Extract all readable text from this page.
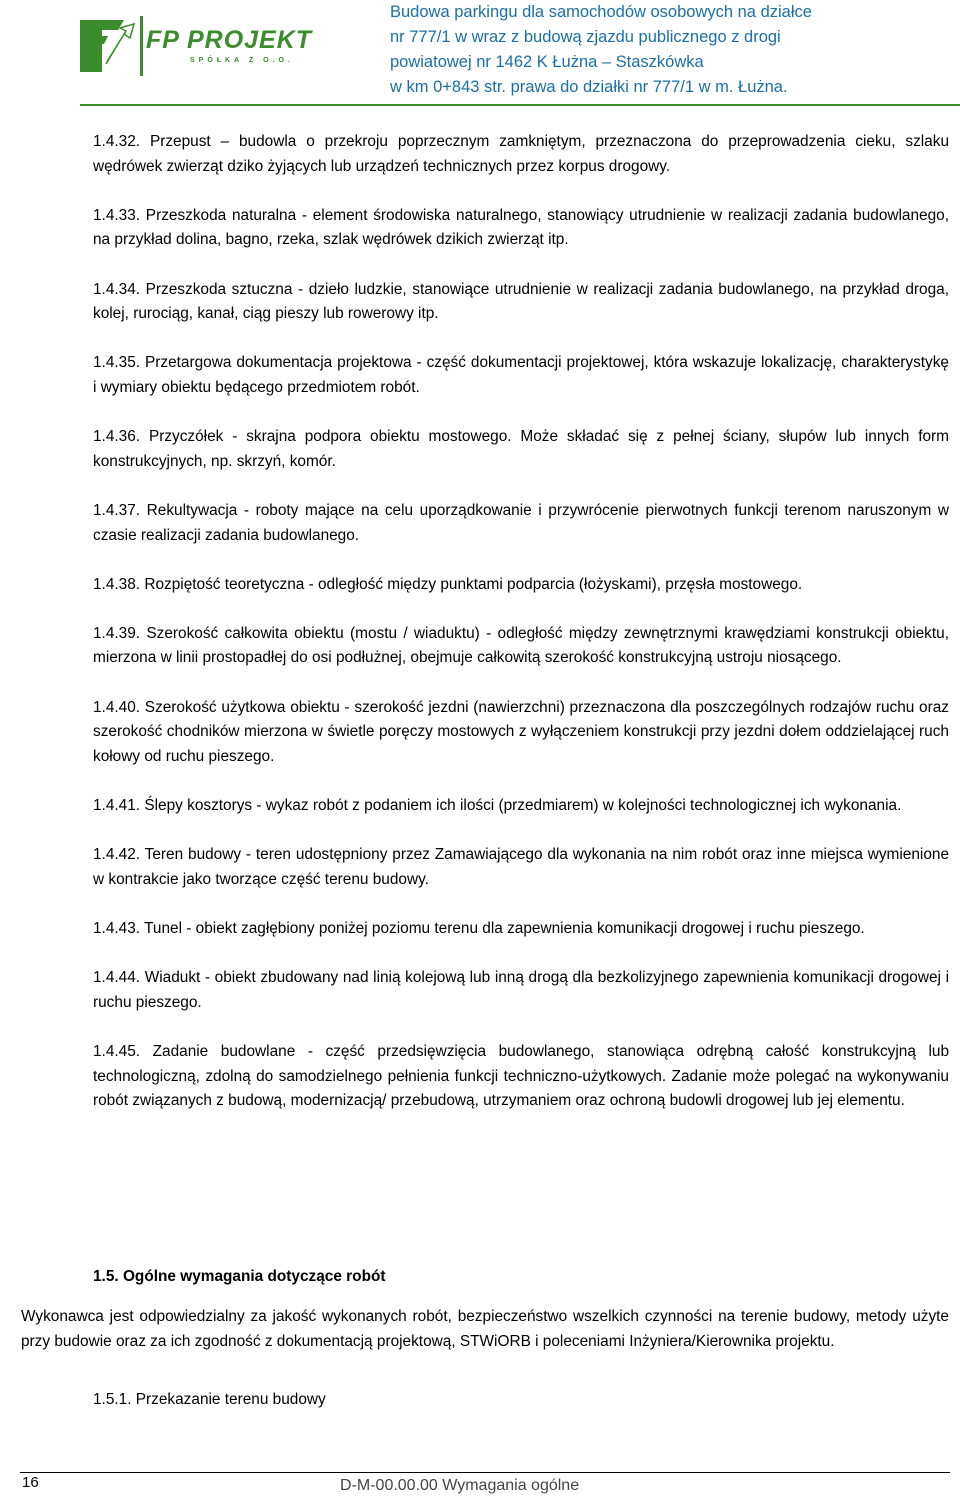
FP PROJEKT
SPÓŁKA Z O.O.
Budowa parkingu dla samochodów osobowych na działce
nr 777/1 w wraz z budową zjazdu publicznego z drogi
powiatowej nr 1462 K Łużna – Staszkówka
w km 0+843 str. prawa do działki nr 777/1 w m. Łużna.

1.4.32. Przepust – budowla o przekroju poprzecznym zamkniętym, przeznaczona do przeprowadzenia cieku, szlaku wędrówek zwierząt dziko żyjących lub urządzeń technicznych przez korpus drogowy.

1.4.33. Przeszkoda naturalna - element środowiska naturalnego, stanowiący utrudnienie w realizacji zadania budowlanego, na przykład dolina, bagno, rzeka, szlak wędrówek dzikich zwierząt itp.

1.4.34. Przeszkoda sztuczna - dzieło ludzkie, stanowiące utrudnienie w realizacji zadania budowlanego, na przykład droga, kolej, rurociąg, kanał, ciąg pieszy lub rowerowy itp.

1.4.35. Przetargowa dokumentacja projektowa - część dokumentacji projektowej, która wskazuje lokalizację, charakterystykę i wymiary obiektu będącego przedmiotem robót.

1.4.36. Przyczółek - skrajna podpora obiektu mostowego. Może składać się z pełnej ściany, słupów lub innych form konstrukcyjnych, np. skrzyń, komór.

1.4.37. Rekultywacja - roboty mające na celu uporządkowanie i przywrócenie pierwotnych funkcji terenom naruszonym w czasie realizacji zadania budowlanego.

1.4.38. Rozpiętość teoretyczna - odległość między punktami podparcia (łożyskami), przęsła mostowego.

1.4.39. Szerokość całkowita obiektu (mostu / wiaduktu) - odległość między zewnętrznymi krawędziami konstrukcji obiektu, mierzona w linii prostopadłej do osi podłużnej, obejmuje całkowitą szerokość konstrukcyjną ustroju niosącego.

1.4.40. Szerokość użytkowa obiektu - szerokość jezdni (nawierzchni) przeznaczona dla poszczególnych rodzajów ruchu oraz szerokość chodników mierzona w świetle poręczy mostowych z wyłączeniem konstrukcji przy jezdni dołem oddzielającej ruch kołowy od ruchu pieszego.

1.4.41. Ślepy kosztorys - wykaz robót z podaniem ich ilości (przedmiarem) w kolejności technologicznej ich wykonania.

1.4.42. Teren budowy - teren udostępniony przez Zamawiającego dla wykonania na nim robót oraz inne miejsca wymienione w kontrakcie jako tworzące część terenu budowy.

1.4.43. Tunel - obiekt zagłębiony poniżej poziomu terenu dla zapewnienia komunikacji drogowej i ruchu pieszego.

1.4.44. Wiadukt - obiekt zbudowany nad linią kolejową lub inną drogą dla bezkolizyjnego zapewnienia komunikacji drogowej i ruchu pieszego.

1.4.45. Zadanie budowlane - część przedsięwzięcia budowlanego, stanowiąca odrębną całość konstrukcyjną lub technologiczną, zdolną do samodzielnego pełnienia funkcji techniczno-użytkowych. Zadanie może polegać na wykonywaniu robót związanych z budową, modernizacją/ przebudową, utrzymaniem oraz ochroną budowli drogowej lub jej elementu.

1.5. Ogólne wymagania dotyczące robót
Wykonawca jest odpowiedzialny za jakość wykonanych robót, bezpieczeństwo wszelkich czynności na terenie budowy, metody użyte przy budowie oraz za ich zgodność z dokumentacją projektową, STWiORB i poleceniami Inżyniera/Kierownika projektu.
1.5.1. Przekazanie terenu budowy
16	D-M-00.00.00 Wymagania ogólne
